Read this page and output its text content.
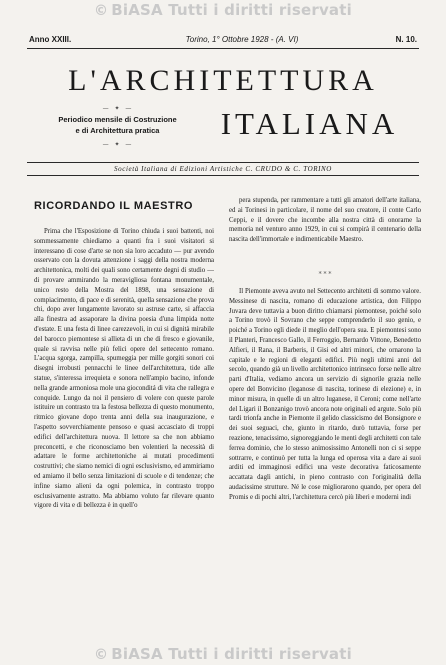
© BiASA Tutti i diritti riservati
Anno XXIII.	Torino, 1° Ottobre 1928 - (A. VI)	N. 10.
L'ARCHITETTURA
— ✦ —
Periodico mensile di Costruzione
e di Architettura pratica
— ✦ —
ITALIANA
Società Italiana di Edizioni Artistiche C. CRUDO & C. TORINO
RICORDANDO IL MAESTRO

Prima che l'Esposizione di Torino chiuda i suoi battenti, noi sommessamente chiediamo a quanti fra i suoi visitatori si interessano di cose d'arte se non sia loro accaduto — pur avendo osservato con la dovuta attenzione i saggi della nostra moderna architettonica, molti dei quali sono certamente degni di studio — di provare ammirando la meravigliosa fontana monumentale, unico resto della Mostra del 1898, una sensazione di compiacimento, di pace e di serenità, quella sensazione che prova chi, dopo aver lungamente lavorato su astruse carte, si affaccia alla finestra ad assaporare la divina poesia d'una limpida notte d'estate. E una festa di linee carezzevoli, in cui si dignità mirabile del barocco piemontese si allieta di un che di fresco e giovanile, quale si ravvisa nelle più felici opere del settecento romano. L'acqua sgorga, zampilla, spumeggia per mille gorgiti sonori coi disegni irrobusti pennacchi le linee dell'architettura, tide alle statue, s'interessa irrequieta e sonora nell'ampio bacino, infonde nella grande armoniosa mole una gioconditá di vita che rallegra e conquide. Lungo da noi il pensiero di volere con queste parole istituire un contrasto tra la festosa bellezza di questo monumento, ritmico giovane dopo trenta anni della sua inaugurazione, e l'aspetto sovverchiamente pensoso e quasi accasciato di troppi edifici dell'architettura nuova. Il lettore sa che non abbiamo preconcetti, e che riconosciamo ben volentieri la necessità di adattare le forme architettoniche ai mutati procedimenti costruttivi; che siamo nemici di ogni esclusivismo, ed ammiriamo ed amiamo il bello senza limitazioni di scuole e di tendenze; che infine siamo alieni da ogni polemica, in contrasto troppo esclusivamente astratto. Ma abbiamo voluto far rilevare quanto vigore di vita e di bellezza è in quell'o

pera stupenda, per rammentare a tutti gli amatori dell'arte italiana, ed ai Torinesi in particolare, il nome del suo creatore, il conte Carlo Ceppi, e il dovere che incombe alla nostra città di onorarne la memoria nel venturo anno 1929, in cui si compirà il centenario della nascita dell'immortale e indimenticabile Maestro.

* * *

Il Piemonte aveva avuto nel Settecento architetti di sommo valore. Messinese di nascita, romano di educazione artistica, don Filippo Juvara deve tuttavia a buon diritto chiamarsi piemontese, poiché solo a Torino trovò il Sovrano che seppe comprenderlo il suo genio, e poiché a Torino egli diede il meglio dell'opera sua. E piemontesi sono il Planteri, Francesco Gallo, il Ferroggio, Bernardo Vittone, Benedetto Alfieri, il Rana, il Barberis, il Gisi ed altri minori, che ornarono la capitale e le regioni di eleganti edifici. Più negli ultimi anni del secolo, quando già un livello architettonico intrinseco forse nelle altre parti d'Italia, vediamo ancora un servizio di signorile grazia nelle opere del Bonvicino (leganose di nascita, torinese di elezione) e, in minor misura, in quelle di un altro luganese, il Ceroni; come nell'arte del Ligari il Bonzanigo trovò ancora note originali ed argute. Solo più tardi trionfa anche in Piemonte il gelido classicismo del Bonsignore e dei suoi seguaci, che, giunto in ritardo, durò tuttavia, forse per reazione, tenacissimo, signoreggiando le menti degli architetti con tale ferrea dominio, che lo stesso animosissimo Antonelli non ci si seppe sottrarre, e continuò per tutta la lunga ed operosa vita a dare ai suoi arditi ed immaginosi edifici una veste decorativa faticosamente accattata dagli antichi, in pieno contrasto con l'originalità della audacissime strutture. Né le cose migliorarono quando, per opera del Promis e di pochi altri, l'architettura cercò più liberi e moderni indi

© BiASA Tutti i diritti riservati
